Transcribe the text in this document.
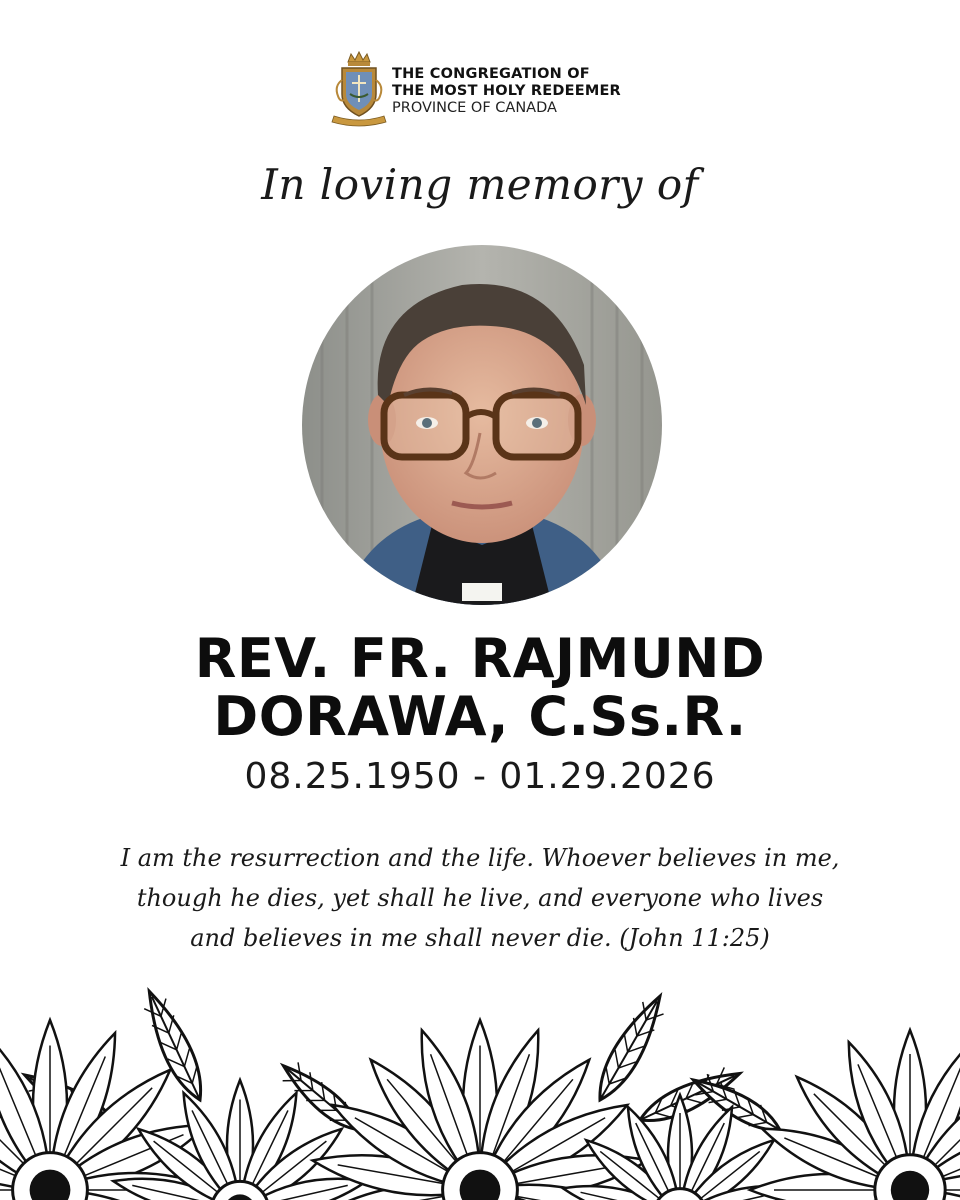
THE CONGREGATION OF
THE MOST HOLY REDEEMER
PROVINCE OF CANADA
In loving memory of
REV. FR. RAJMUND
DORAWA, C.Ss.R.
08.25.1950 - 01.29.2026
I am the resurrection and the life. Whoever believes in me,
though he dies, yet shall he live, and everyone who lives
and believes in me shall never die. (John 11:25)
